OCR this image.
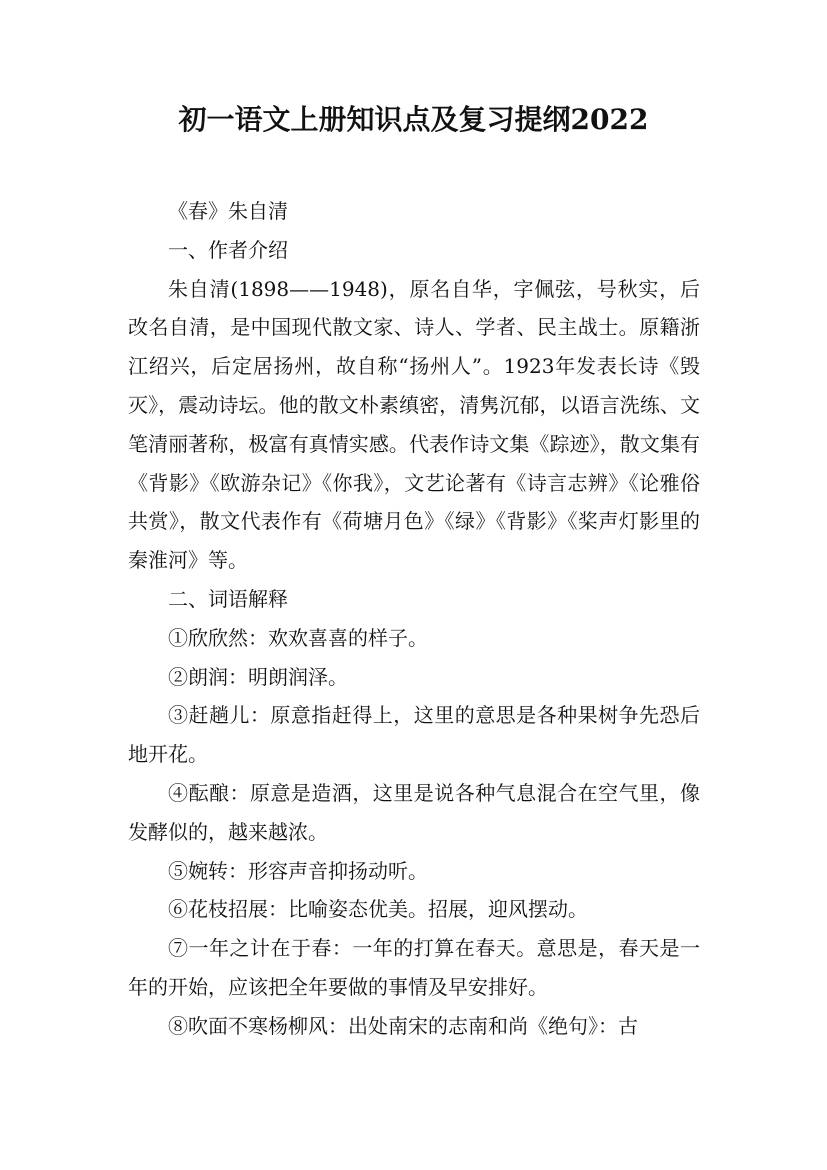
初一语文上册知识点及复习提纲2022

《春》朱自清

一、作者介绍

朱自清(1898——1948)，原名自华，字佩弦，号秋实，后改名自清，是中国现代散文家、诗人、学者、民主战士。原籍浙江绍兴，后定居扬州，故自称“扬州人”。1923年发表长诗《毁灭》，震动诗坛。他的散文朴素缜密，清隽沉郁，以语言洗练、文笔清丽著称，极富有真情实感。代表作诗文集《踪迹》，散文集有《背影》《欧游杂记》《你我》，文艺论著有《诗言志辨》《论雅俗共赏》，散文代表作有《荷塘月色》《绿》《背影》《桨声灯影里的秦淮河》等。

二、词语解释

①欣欣然：欢欢喜喜的样子。

②朗润：明朗润泽。

③赶趟儿：原意指赶得上，这里的意思是各种果树争先恐后地开花。

④酝酿：原意是造酒，这里是说各种气息混合在空气里，像发酵似的，越来越浓。

⑤婉转：形容声音抑扬动听。

⑥花枝招展：比喻姿态优美。招展，迎风摆动。

⑦一年之计在于春：一年的打算在春天。意思是，春天是一年的开始，应该把全年要做的事情及早安排好。

⑧吹面不寒杨柳风：出处南宋的志南和尚《绝句》：古
